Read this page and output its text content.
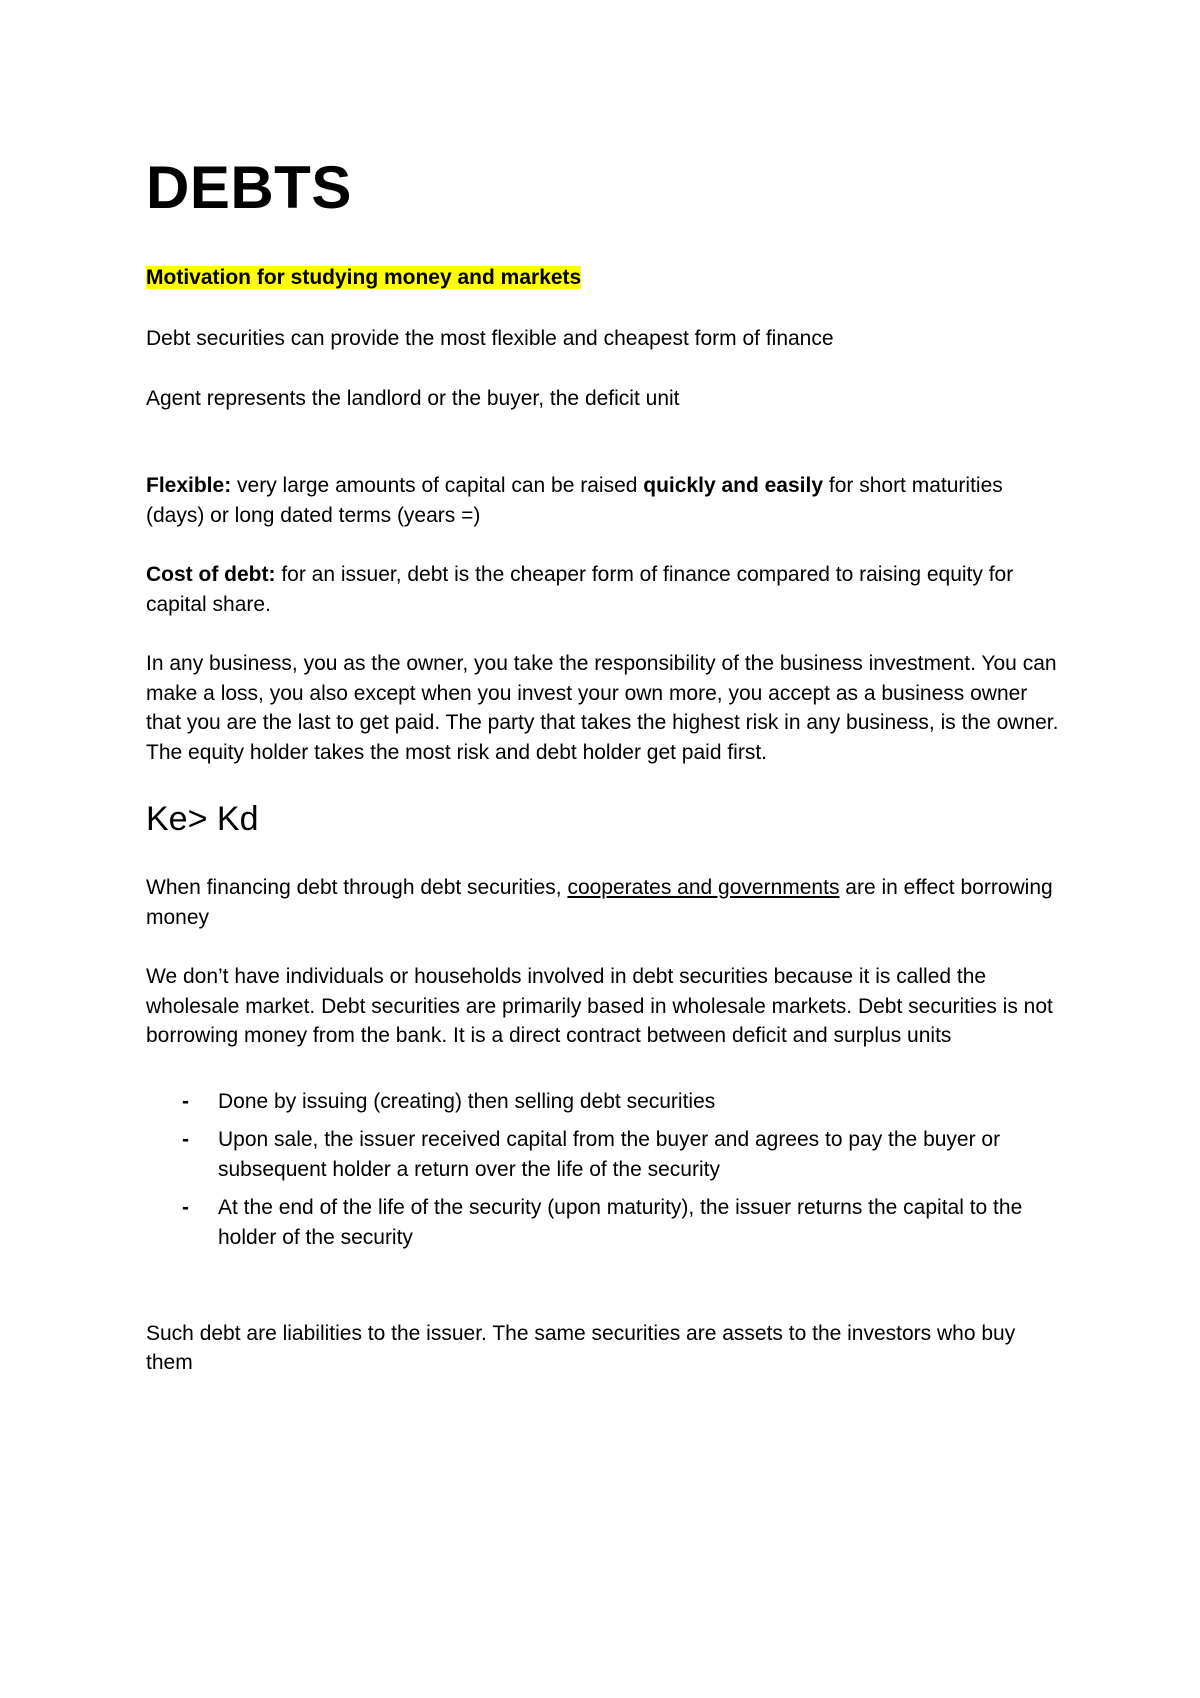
DEBTS
Motivation for studying money and markets

Debt securities can provide the most flexible and cheapest form of finance

Agent represents the landlord or the buyer, the deficit unit

Flexible: very large amounts of capital can be raised quickly and easily for short maturities (days) or long dated terms (years =)

Cost of debt: for an issuer, debt is the cheaper form of finance compared to raising equity for capital share.

In any business, you as the owner, you take the responsibility of the business investment. You can make a loss, you also except when you invest your own more, you accept as a business owner that you are the last to get paid. The party that takes the highest risk in any business, is the owner. The equity holder takes the most risk and debt holder get paid first.

Ke> Kd

When financing debt through debt securities, cooperates and governments are in effect borrowing money

We don’t have individuals or households involved in debt securities because it is called the wholesale market. Debt securities are primarily based in wholesale markets. Debt securities is not borrowing money from the bank. It is a direct contract between deficit and surplus units

- Done by issuing (creating) then selling debt securities
- Upon sale, the issuer received capital from the buyer and agrees to pay the buyer or subsequent holder a return over the life of the security
- At the end of the life of the security (upon maturity), the issuer returns the capital to the holder of the security

Such debt are liabilities to the issuer. The same securities are assets to the investors who buy them
